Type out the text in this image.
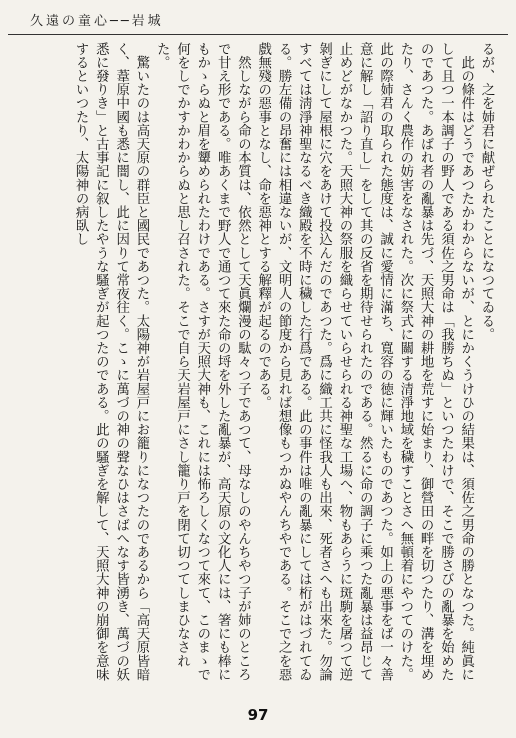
久遠の童心──岩城

るが、之を姉君に献ぜられたことになつてゐる。

　此の條件はどうであつたかわからないが、とにかくうけひの結果は、須佐之男命の勝となつた。純眞にして且つ一本調子の野人である須佐之男命は「我勝ちぬ」といつたわけで、そこで勝さびの亂暴を始めたのであつた。あばれ者の亂暴は先づ、天照大神の耕地を荒すに始まり、御營田の畔を切つたり、溝を埋めたり、さんく農作の妨害をなされた。次に祭式に關する清淨地域を穢すことさへ無頓着にやつてのけた。此の際姉君の取られた態度は、誠に愛情に滿ち、寬容の徳に輝いたものであつた。如上の悪事をば一々善意に解し「詔り直し」をして其の反省を期待せられたのである。然るに命の調子に乘つた亂暴は益昂じて止めどがなかつた。天照大神の祭服を織らせていらせられる神聖な工場へ、物もあらうに斑駒を屠つて逆剝ぎにして屋根に穴をあけて投込んだのであつた。爲に織工共に怪我人も出來、死者さへも出來た。勿論すべては淸淨神聖なるべき織殿を不時に穢した行爲である。此の事件は唯の亂暴にしては桁がはづれてゐる。勝左備の昂奮には相違ないが、文明人の節度から見れば想像もつかぬやんちやである。そこで之を惡戲無殘の惡事となし、命を惡神とする解釋が起るのである。

　然しながら命の本質は、依然として天眞爛漫の駄々つ子であつて、母なしのやんちやつ子が姉のところで甘え形である。唯あくまで野人で通つて來た命の埒を外した亂暴が、高天原の文化人には、箸にも棒にもかゝらぬと眉を顰められたわけである。さすが天照大神も、これには怖ろしくなつて來て、このまゝで何をしでかすかわからぬと思し召された。そこで自ら天岩屋戸にさし籠り戸を閉て切つてしまひなされた。

　驚いたのは高天原の群臣と國民であつた。太陽神が岩屋戸にお籠りになつたのであるから「高天原皆暗く、葦原中國も悉に闇し、此に因りて常夜往く。こゝに萬づの神の聲なひはさばへなす皆湧き、萬づの妖悉に發りき」と古事記に叙したやうな騷ぎが起つたのである。此の騷ぎを解して、天照大神の崩御を意味するといつたり、太陽神の病臥し

97
